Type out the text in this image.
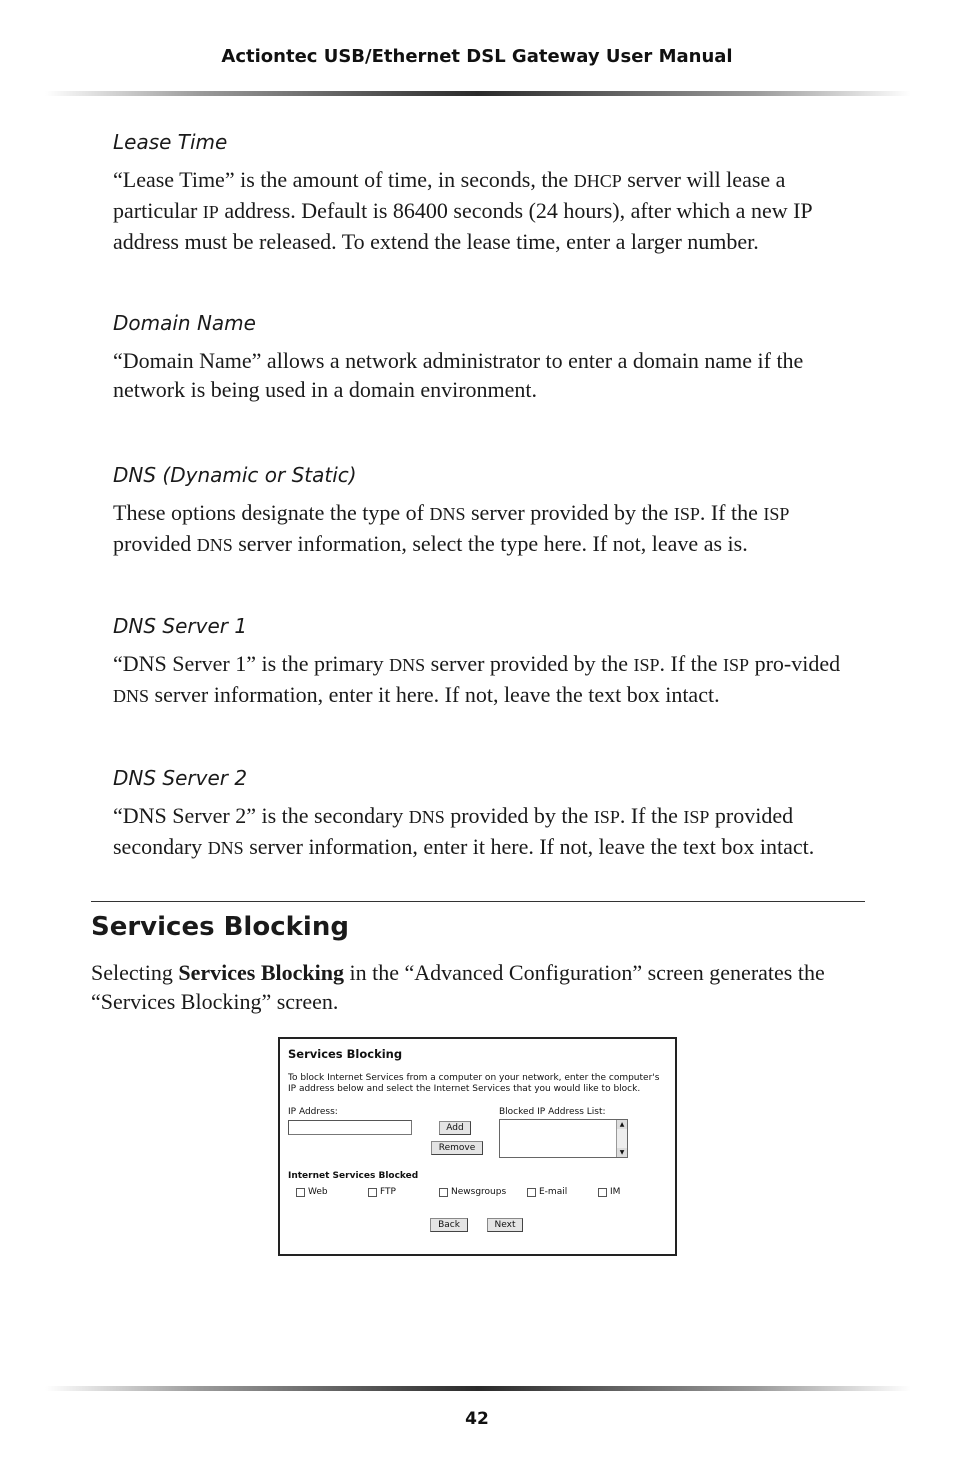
Actiontec USB/Ethernet DSL Gateway User Manual
Lease Time

“Lease Time” is the amount of time, in seconds, the DHCP server will lease a particular IP address. Default is 86400 seconds (24 hours), after which a new IP address must be released. To extend the lease time, enter a larger number.

Domain Name

“Domain Name” allows a network administrator to enter a domain name if the network is being used in a domain environment.

DNS (Dynamic or Static)

These options designate the type of DNS server provided by the ISP. If the ISP provided DNS server information, select the type here. If not, leave as is.

DNS Server 1

“DNS Server 1” is the primary DNS server provided by the ISP. If the ISP pro-vided DNS server information, enter it here. If not, leave the text box intact.

DNS Server 2

“DNS Server 2” is the secondary DNS provided by the ISP. If the ISP provided secondary DNS server information, enter it here. If not, leave the text box intact.

Services Blocking

Selecting Services Blocking in the “Advanced Configuration” screen generates the “Services Blocking” screen.

Services Blocking
To block Internet Services from a computer on your network, enter the computer's IP address below and select the Internet Services that you would like to block.
IP Address:	Blocked IP Address List:
Add
Remove
▲
▼
Internet Services Blocked
Web	FTP	Newsgroups	E-mail	IM
Back	Next
42
